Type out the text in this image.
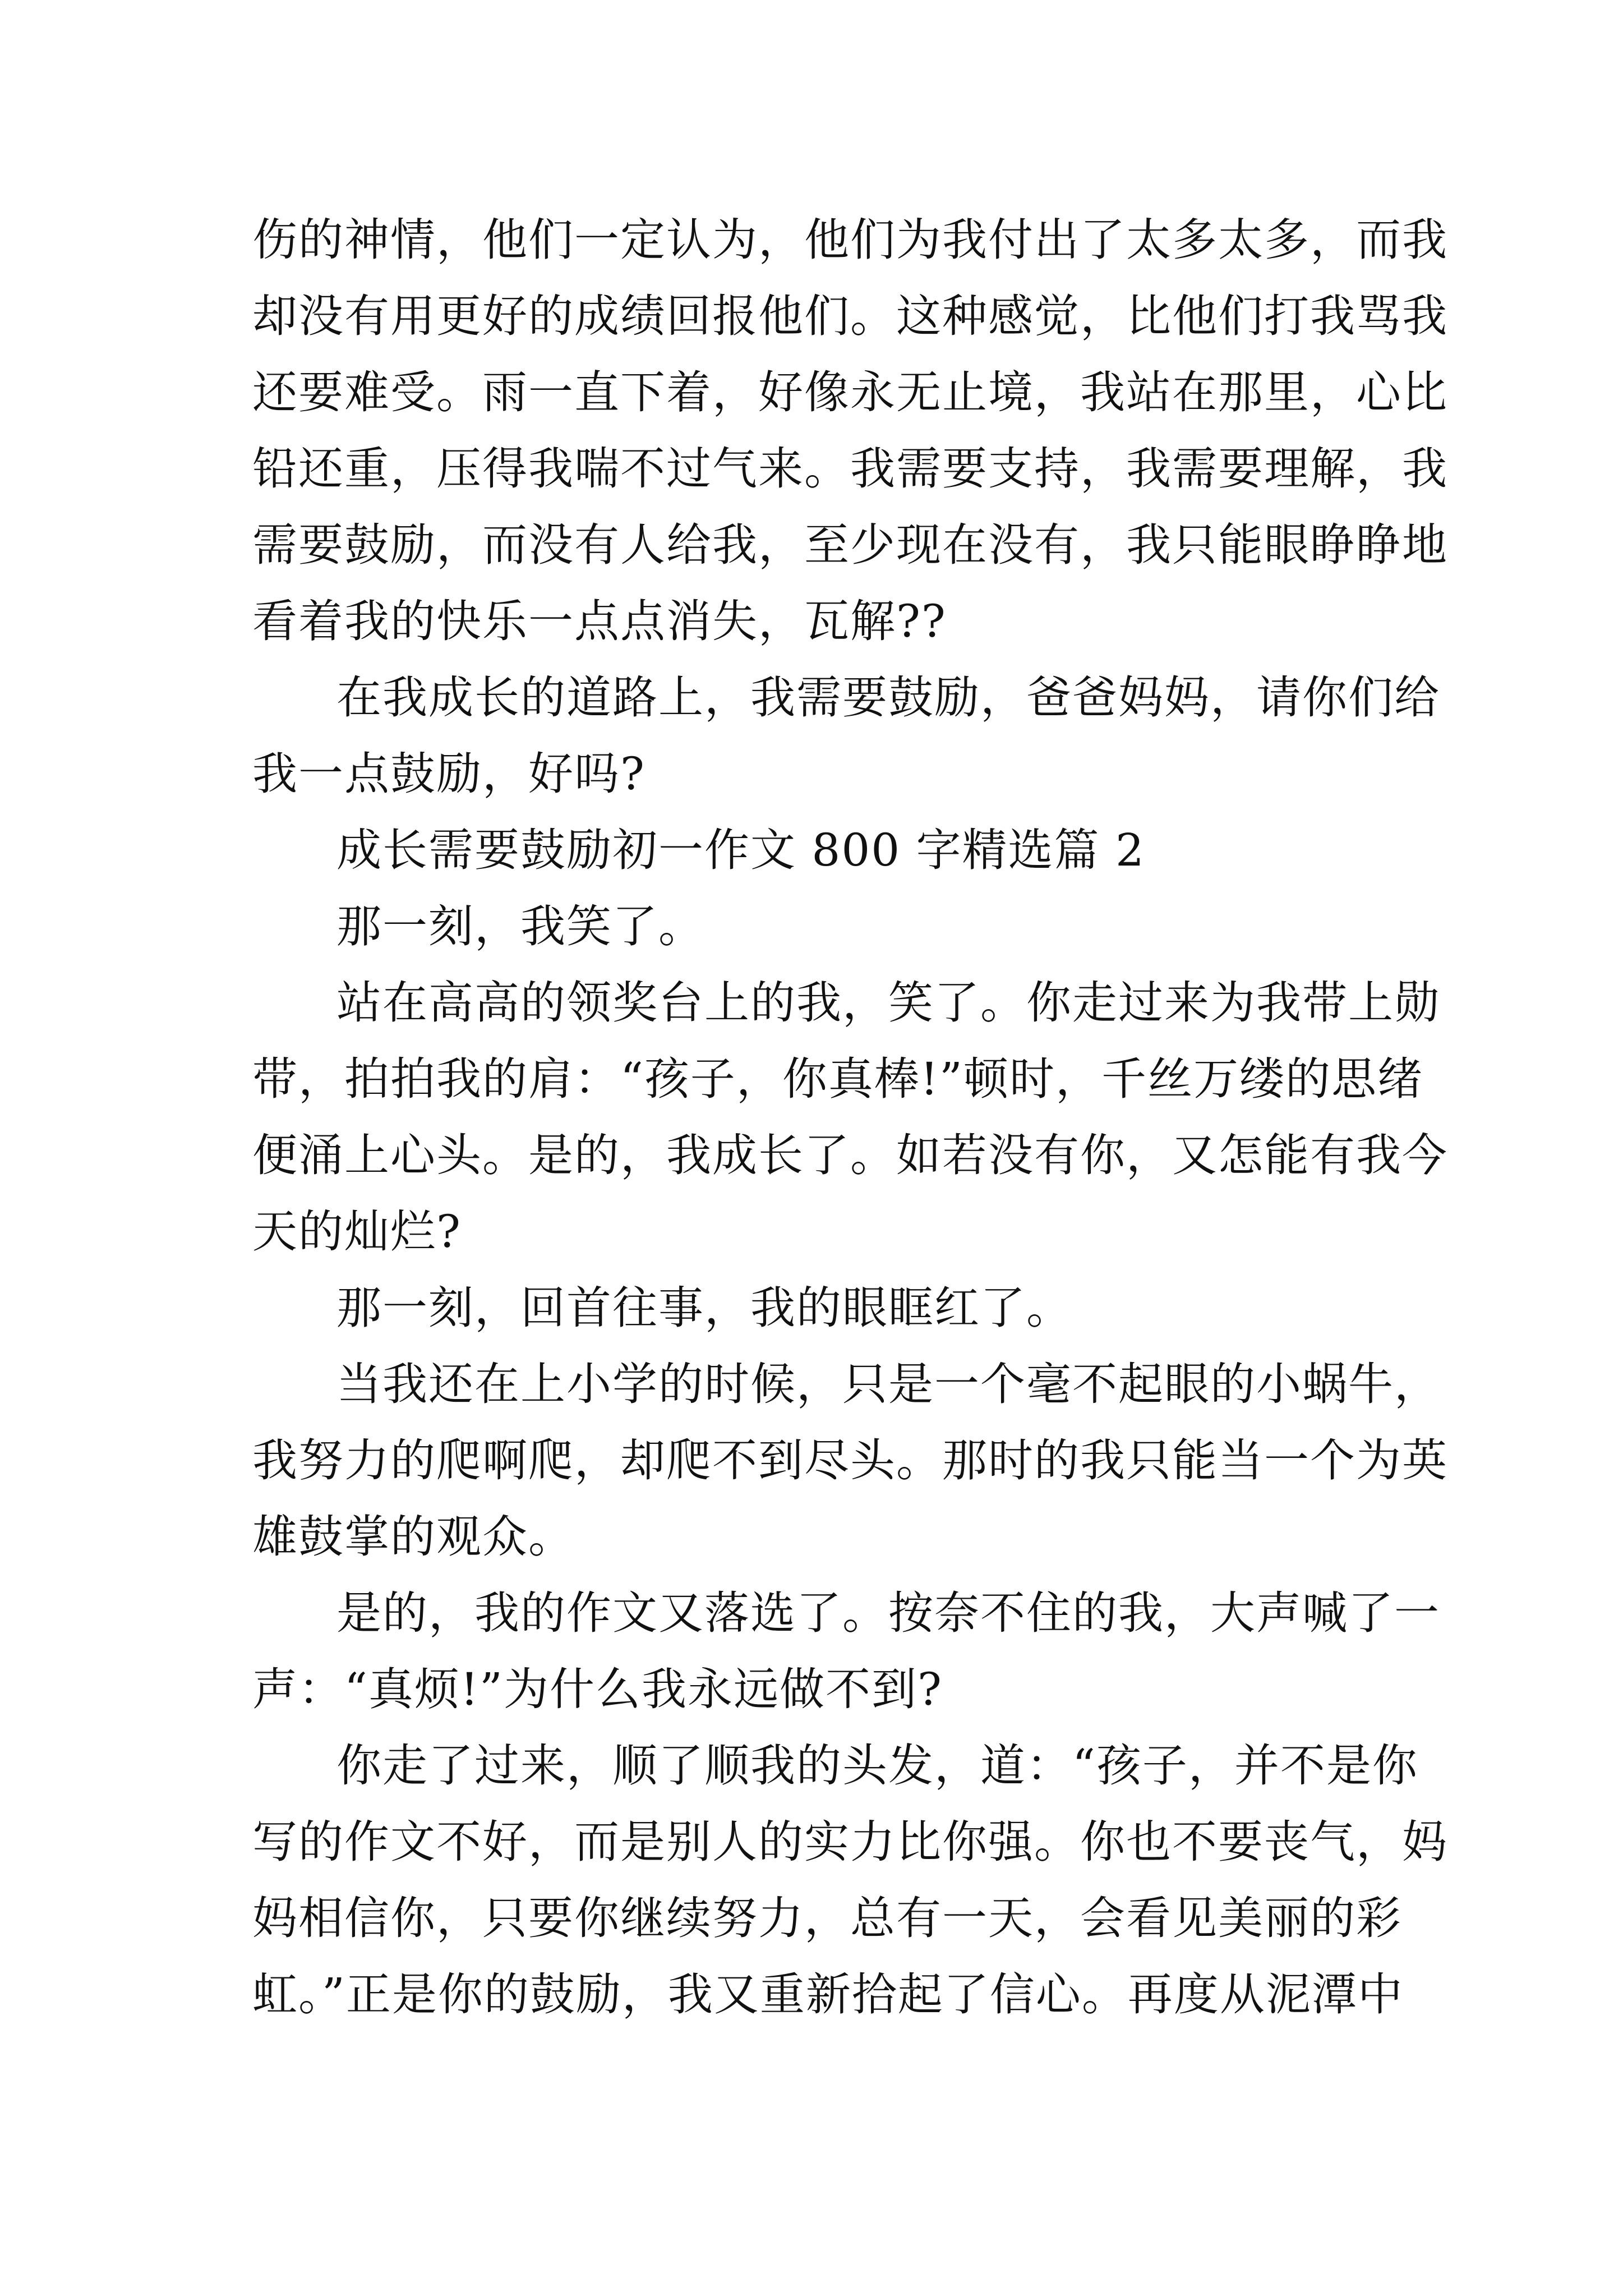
伤的神情，他们一定认为，他们为我付出了太多太多，而我
却没有用更好的成绩回报他们。这种感觉，比他们打我骂我
还要难受。雨一直下着，好像永无止境，我站在那里，心比
铅还重，压得我喘不过气来。我需要支持，我需要理解，我
需要鼓励，而没有人给我，至少现在没有，我只能眼睁睁地
看着我的快乐一点点消失，瓦解??
在我成长的道路上，我需要鼓励，爸爸妈妈，请你们给
我一点鼓励，好吗?
成长需要鼓励初一作文 800 字精选篇 2
那一刻，我笑了。
站在高高的领奖台上的我，笑了。你走过来为我带上勋
带，拍拍我的肩：“孩子，你真棒!”顿时，千丝万缕的思绪
便涌上心头。是的，我成长了。如若没有你，又怎能有我今
天的灿烂?
那一刻，回首往事，我的眼眶红了。
当我还在上小学的时候，只是一个毫不起眼的小蜗牛，
我努力的爬啊爬，却爬不到尽头。那时的我只能当一个为英
雄鼓掌的观众。
是的，我的作文又落选了。按奈不住的我，大声喊了一
声：“真烦!”为什么我永远做不到?
你走了过来，顺了顺我的头发，道：“孩子，并不是你
写的作文不好，而是别人的实力比你强。你也不要丧气，妈
妈相信你，只要你继续努力，总有一天，会看见美丽的彩
虹。”正是你的鼓励，我又重新拾起了信心。再度从泥潭中
